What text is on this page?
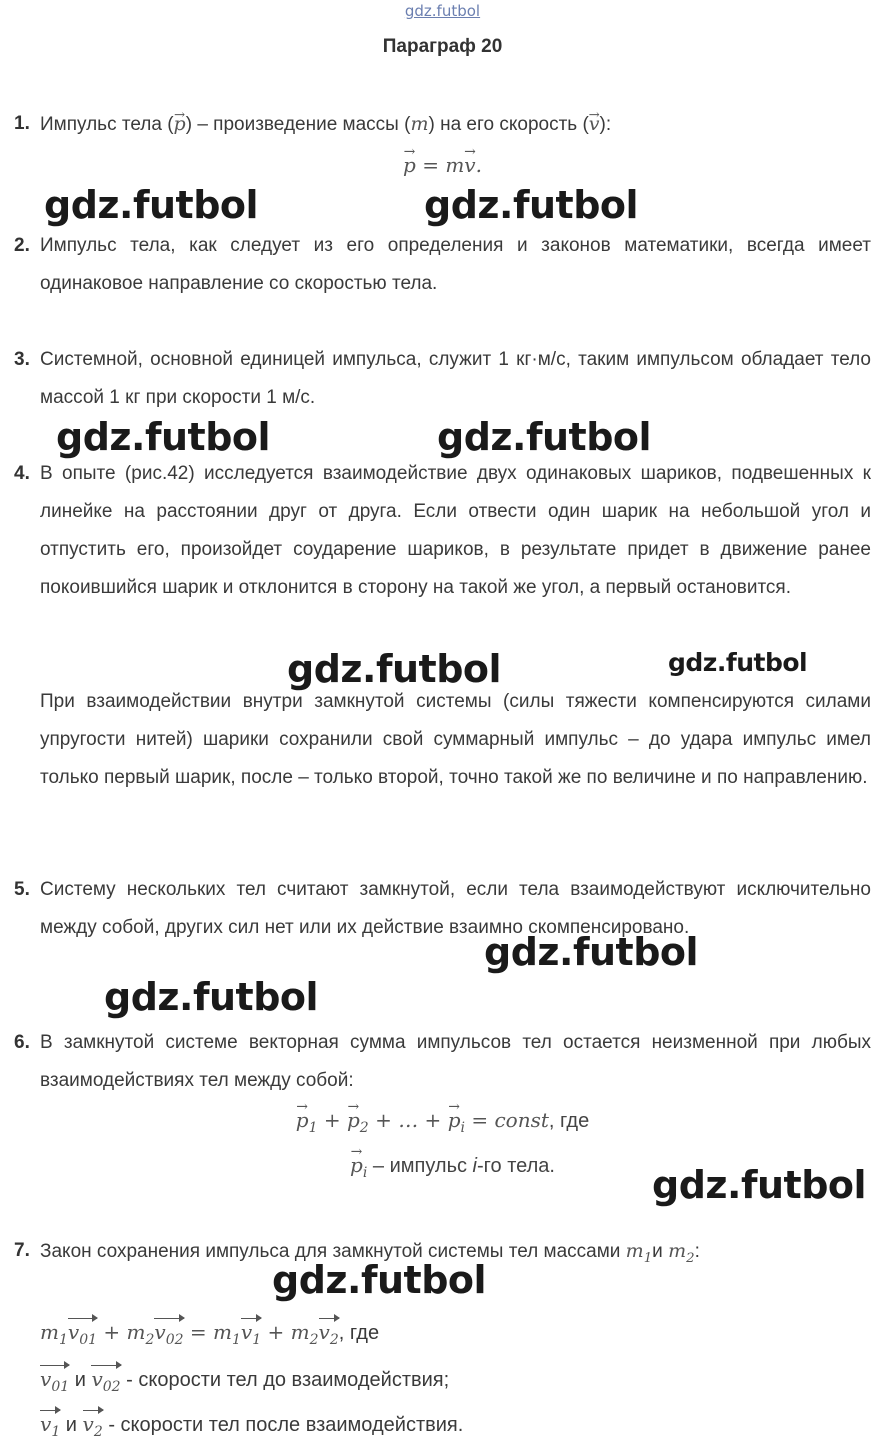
gdz.futbol
Параграф 20
1. Импульс тела (→ p) – произведение массы (m) на его скорость (→ v):
→ p = m→ v.
2. Импульс тела, как следует из его определения и законов математики, всегда имеет одинаковое направление со скоростью тела.
3. Системной, основной единицей импульса, служит 1 кг·м/с, таким импульсом обладает тело массой 1 кг при скорости 1 м/с.
4. В опыте (рис.42) исследуется взаимодействие двух одинаковых шариков, подвешенных к линейке на расстоянии друг от друга. Если отвести один шарик на небольшой угол и отпустить его, произойдет соударение шариков, в результате придет в движение ранее покоившийся шарик и отклонится в сторону на такой же угол, а первый остановится.
При взаимодействии внутри замкнутой системы (силы тяжести компенсируются силами упругости нитей) шарики сохранили свой суммарный импульс – до удара импульс имел только первый шарик, после – только второй, точно такой же по величине и по направлению.
5. Систему нескольких тел считают замкнутой, если тела взаимодействуют исключительно между собой, других сил нет или их действие взаимно скомпенсировано.
6. В замкнутой системе векторная сумма импульсов тел остается неизменной при любых взаимодействиях тел между собой:
→ $p_1$ + → $p_2$ + … + → $p_i$ = const, где
→ $p_i$ – импульс i-го тела.
7. Закон сохранения импульса для замкнутой системы тел массами $m_1и$ $m_2$:
$m_1v_{01} + m_2v_{02} = m_1v_1 + m_2v_2$, где
$v_{01}$ и $v_{02}$ - скорости тел до взаимодействия;
$v_1$ и $v_2$ - скорости тел после взаимодействия.
gdz.futbol	gdz.futbol
gdz.futbol	gdz.futbol
gdz.futbol	gdz.futbol
gdz.futbol
gdz.futbol
gdz.futbol
gdz.futbol
